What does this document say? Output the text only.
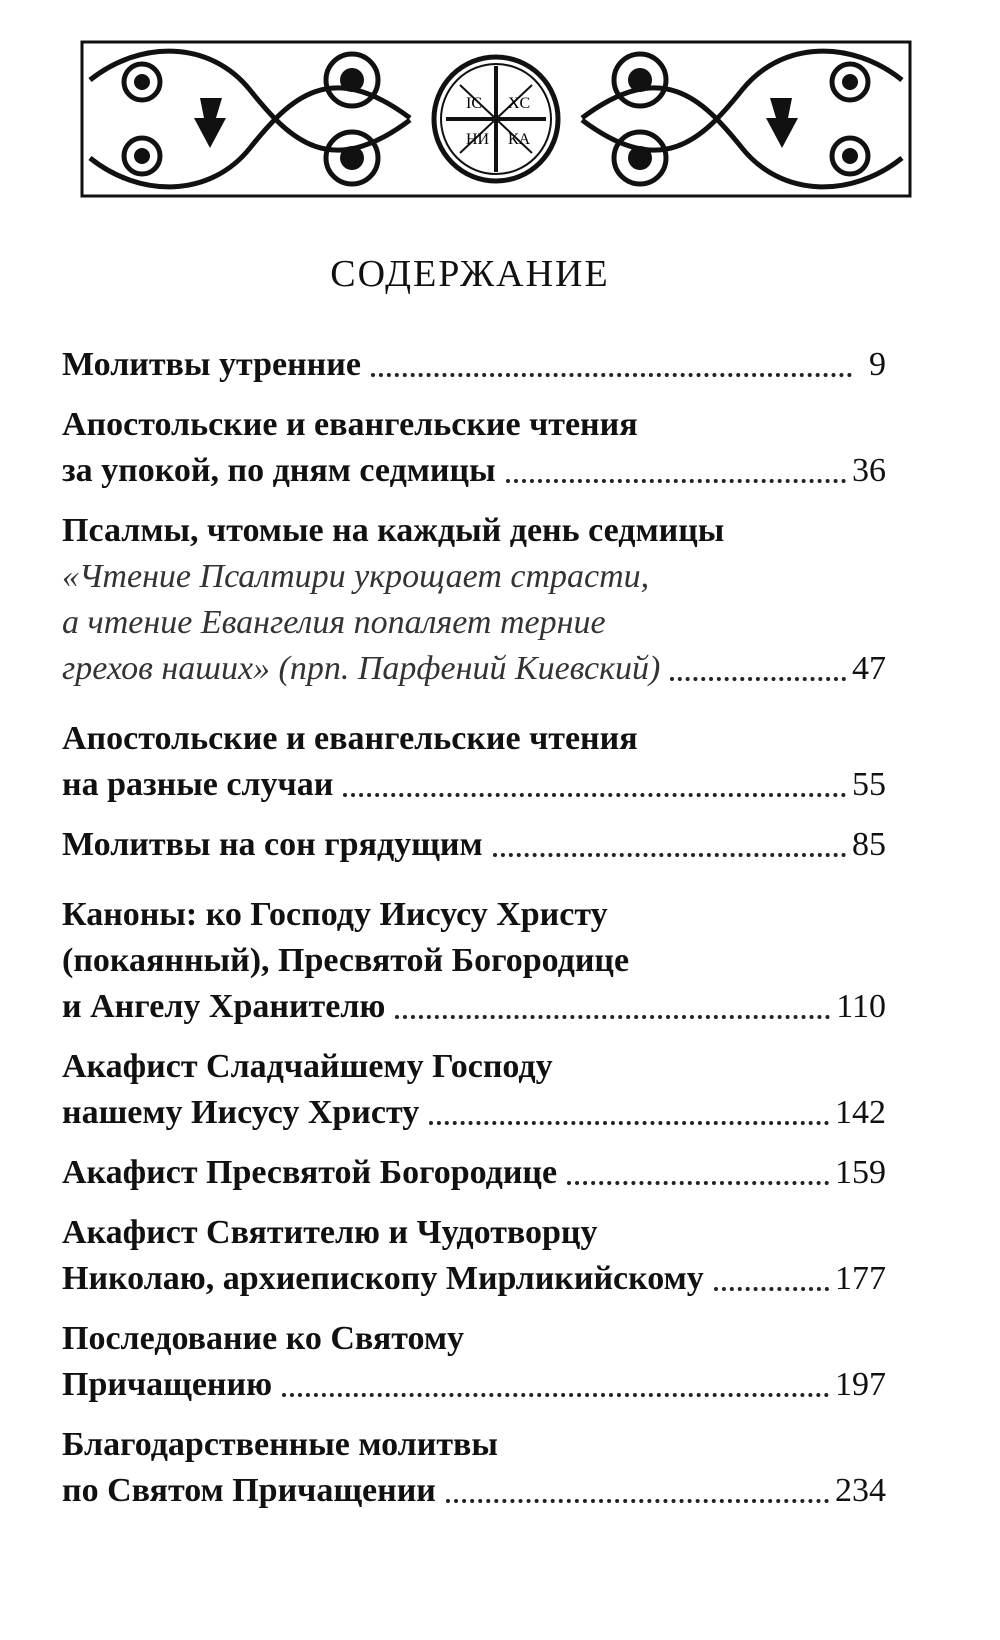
IC XC
НИ КА
СОДЕРЖАНИЕ
Молитвы утренние	9
Апостольские и евангельские чтения
за упокой, по дням седмицы	36
Псалмы, чтомые на каждый день седмицы
«Чтение Псалтири укрощает страсти,
а чтение Евангелия попаляет терние
грехов наших» (прп. Парфений Киевский)	47
Апостольские и евангельские чтения
на разные случаи	55
Молитвы на сон грядущим	85
Каноны: ко Господу Иисусу Христу
(покаянный), Пресвятой Богородице
и Ангелу Хранителю	110
Акафист Сладчайшему Господу
нашему Иисусу Христу	142
Акафист Пресвятой Богородице	159
Акафист Святителю и Чудотворцу
Николаю, архиепископу Мирликийскому	177
Последование ко Святому
Причащению	197
Благодарственные молитвы
по Святом Причащении	234
